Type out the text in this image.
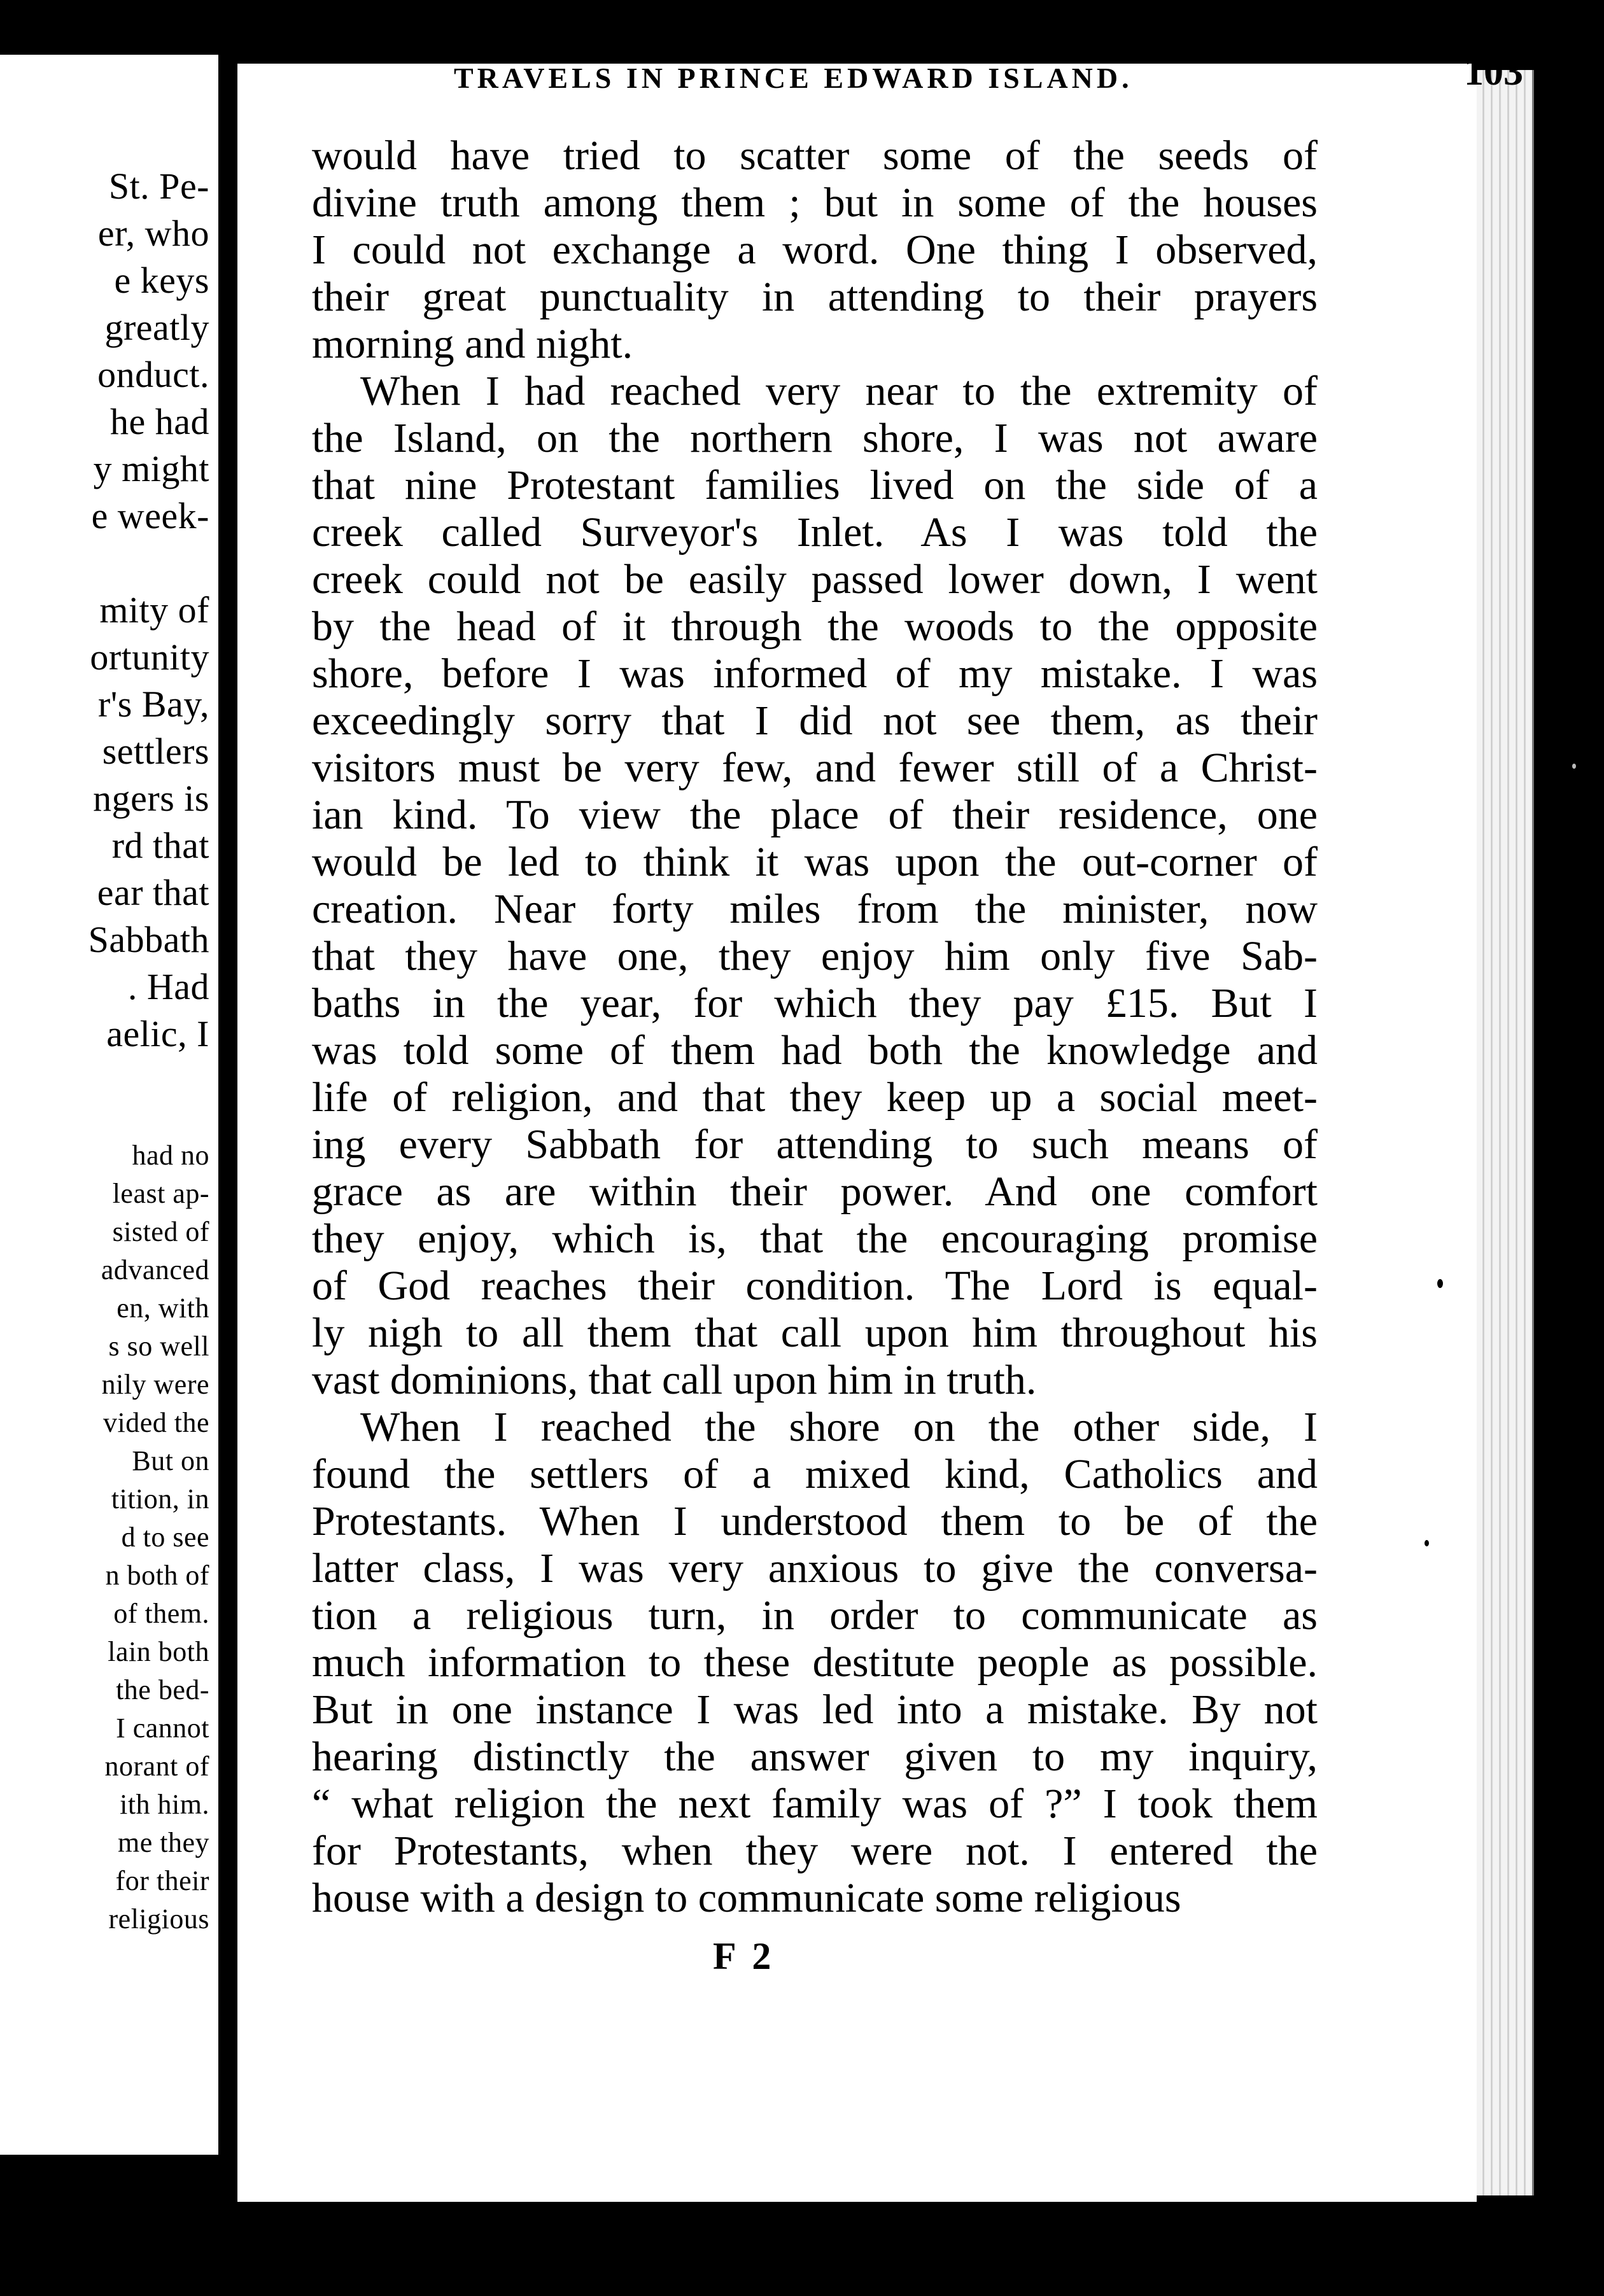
St. Pe-
er, who
e keys
greatly
onduct.
he had
y might
e week-
mity of
ortunity
r's Bay,
settlers
ngers is
rd that
ear that
Sabbath
. Had
aelic, I
had no
least ap-
sisted of
advanced
en, with
s so well
nily were
vided the
But on
tition, in
d to see
n both of
of them.
lain both
the bed-
I cannot
norant of
ith him.
me they
for their
religious
TRAVELS IN PRINCE EDWARD ISLAND.	103
would have tried to scatter some of the seeds of
divine truth among them ; but in some of the houses
I could not exchange a word. One thing I observed,
their great punctuality in attending to their prayers
morning and night.
When I had reached very near to the extremity of
the Island, on the northern shore, I was not aware
that nine Protestant families lived on the side of a
creek called Surveyor's Inlet. As I was told the
creek could not be easily passed lower down, I went
by the head of it through the woods to the opposite
shore, before I was informed of my mistake. I was
exceedingly sorry that I did not see them, as their
visitors must be very few, and fewer still of a Christ-
ian kind. To view the place of their residence, one
would be led to think it was upon the out-corner of
creation. Near forty miles from the minister, now
that they have one, they enjoy him only five Sab-
baths in the year, for which they pay £15. But I
was told some of them had both the knowledge and
life of religion, and that they keep up a social meet-
ing every Sabbath for attending to such means of
grace as are within their power. And one comfort
they enjoy, which is, that the encouraging promise
of God reaches their condition. The Lord is equal-
ly nigh to all them that call upon him throughout his
vast dominions, that call upon him in truth.
When I reached the shore on the other side, I
found the settlers of a mixed kind, Catholics and
Protestants. When I understood them to be of the
latter class, I was very anxious to give the conversa-
tion a religious turn, in order to communicate as
much information to these destitute people as possible.
But in one instance I was led into a mistake. By not
hearing distinctly the answer given to my inquiry,
“ what religion the next family was of ?” I took them
for Protestants, when they were not. I entered the
house with a design to communicate some religious
F 2
